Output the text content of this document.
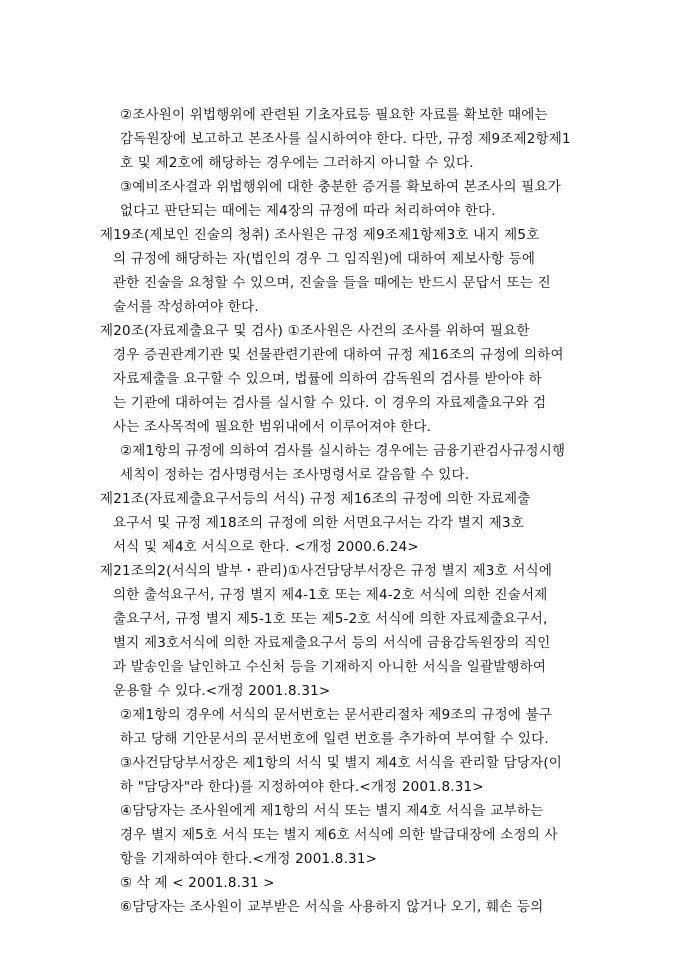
②조사원이 위법행위에 관련된 기초자료등 필요한 자료를 확보한 때에는
감독원장에 보고하고 본조사를 실시하여야 한다. 다만, 규정 제9조제2항제1
호 및 제2호에 해당하는 경우에는 그러하지 아니할 수 있다.
③예비조사결과 위법행위에 대한 충분한 증거를 확보하여 본조사의 필요가
없다고 판단되는 때에는 제4장의 규정에 따라 처리하여야 한다.
제19조(제보인 진술의 청취) 조사원은 규정 제9조제1항제3호 내지 제5호
의 규정에 해당하는 자(법인의 경우 그 임직원)에 대하여 제보사항 등에
관한 진술을 요청할 수 있으며, 진술을 들을 때에는 반드시 문답서 또는 진
술서를 작성하여야 한다.
제20조(자료제출요구 및 검사) ①조사원은 사건의 조사를 위하여 필요한
경우 증권관계기관 및 선물관련기관에 대하여 규정 제16조의 규정에 의하여
자료제출을 요구할 수 있으며, 법률에 의하여 감독원의 검사를 받아야 하
는 기관에 대하여는 검사를 실시할 수 있다. 이 경우의 자료제출요구와 검
사는 조사목적에 필요한 범위내에서 이루어져야 한다.
②제1항의 규정에 의하여 검사를 실시하는 경우에는 금융기관검사규정시행
세칙이 정하는 검사명령서는 조사명령서로 갈음할 수 있다.
제21조(자료제출요구서등의 서식) 규정 제16조의 규정에 의한 자료제출
요구서 및 규정 제18조의 규정에 의한 서면요구서는 각각 별지 제3호
서식 및 제4호 서식으로 한다. <개정 2000.6.24>
제21조의2(서식의 발부・관리)①사건담당부서장은 규정 별지 제3호 서식에
의한 출석요구서, 규정 별지 제4-1호 또는 제4-2호 서식에 의한 진술서제
출요구서, 규정 별지 제5-1호 또는 제5-2호 서식에 의한 자료제출요구서,
별지 제3호서식에 의한 자료제출요구서 등의 서식에 금융감독원장의 직인
과 발송인을 날인하고 수신처 등을 기재하지 아니한 서식을 일괄발행하여
운용할 수 있다.<개정 2001.8.31>
②제1항의 경우에 서식의 문서번호는 문서관리절차 제9조의 규정에 불구
하고 당해 기안문서의 문서번호에 일련 번호를 추가하여 부여할 수 있다.
③사건담당부서장은 제1항의 서식 및 별지 제4호 서식을 관리할 담당자(이
하 "담당자"라 한다)를 지정하여야 한다.<개정 2001.8.31>
④담당자는 조사원에게 제1항의 서식 또는 별지 제4호 서식을 교부하는
경우 별지 제5호 서식 또는 별지 제6호 서식에 의한 발급대장에 소정의 사
항을 기재하여야 한다.<개정 2001.8.31>
⑤ 삭 제 < 2001.8.31 >
⑥담당자는 조사원이 교부받은 서식을 사용하지 않거나 오기, 훼손 등의
